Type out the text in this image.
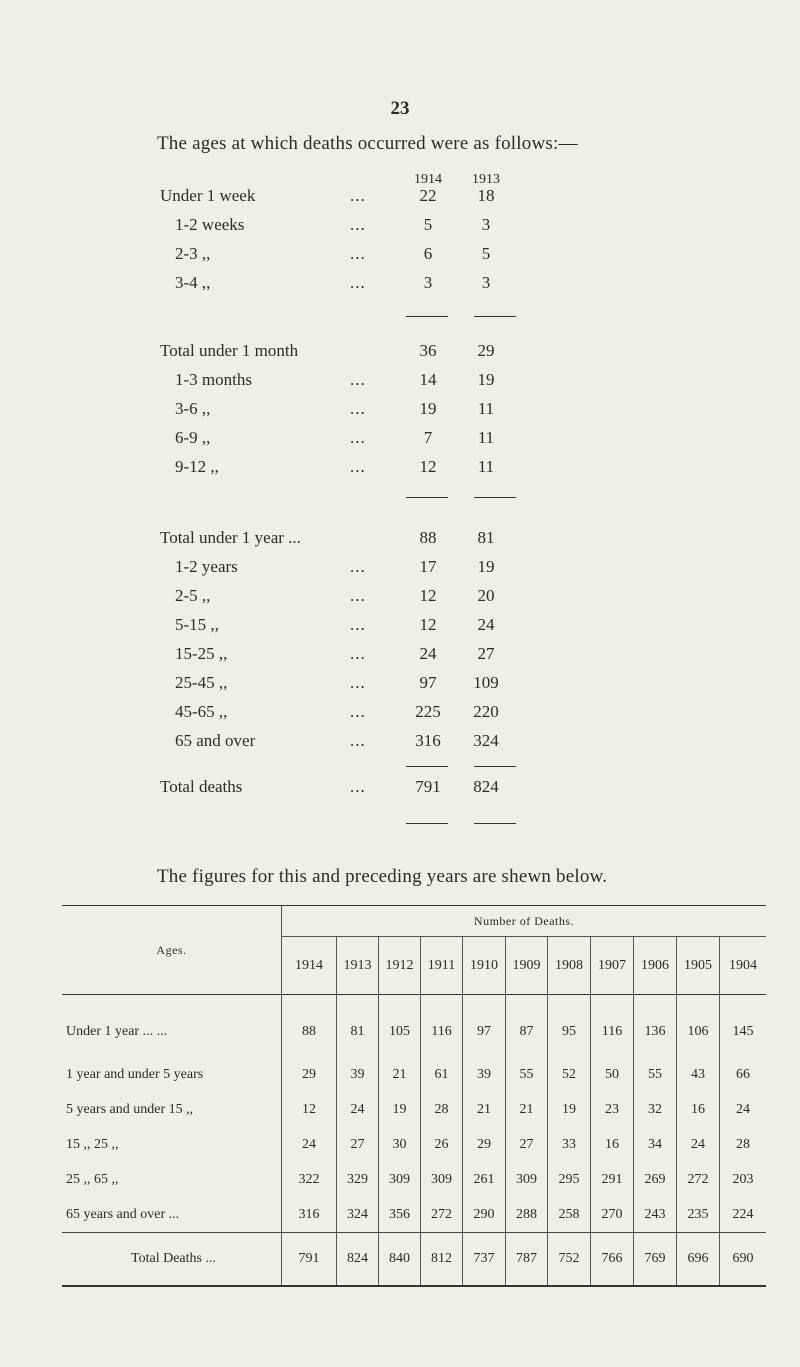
23
The ages at which deaths occurred were as follows:—
1914	1913
Under 1 week	...	22	18
1-2 weeks	...	5	3
2-3 ,,	...	6	5
3-4 ,,	...	3	3
Total under 1 month	36	29
1-3 months	...	14	19
3-6 ,,	...	19	11
6-9 ,,	...	7	11
9-12 ,,	...	12	11
Total under 1 year ...	88	81
1-2 years	...	17	19
2-5 ,,	...	12	20
5-15 ,,	...	12	24
15-25 ,,	...	24	27
25-45 ,,	...	97	109
45-65 ,,	...	225	220
65 and over	...	316	324
Total deaths	...	791	824
The figures for this and preceding years are shewn below.
Ages.	Number of Deaths.										
	1914	1913	1912	1911	1910	1909	1908	1907	1906	1905	1904
Under 1 year ... ...	88	81	105	116	97	87	95	116	136	106	145
1 year and under 5 years	29	39	21	61	39	55	52	50	55	43	66
5 years and under 15 ,,	12	24	19	28	21	21	19	23	32	16	24
15 ,, 25 ,,	24	27	30	26	29	27	33	16	34	24	28
25 ,, 65 ,,	322	329	309	309	261	309	295	291	269	272	203
65 years and over ...	316	324	356	272	290	288	258	270	243	235	224
Total Deaths ...	791	824	840	812	737	787	752	766	769	696	690
